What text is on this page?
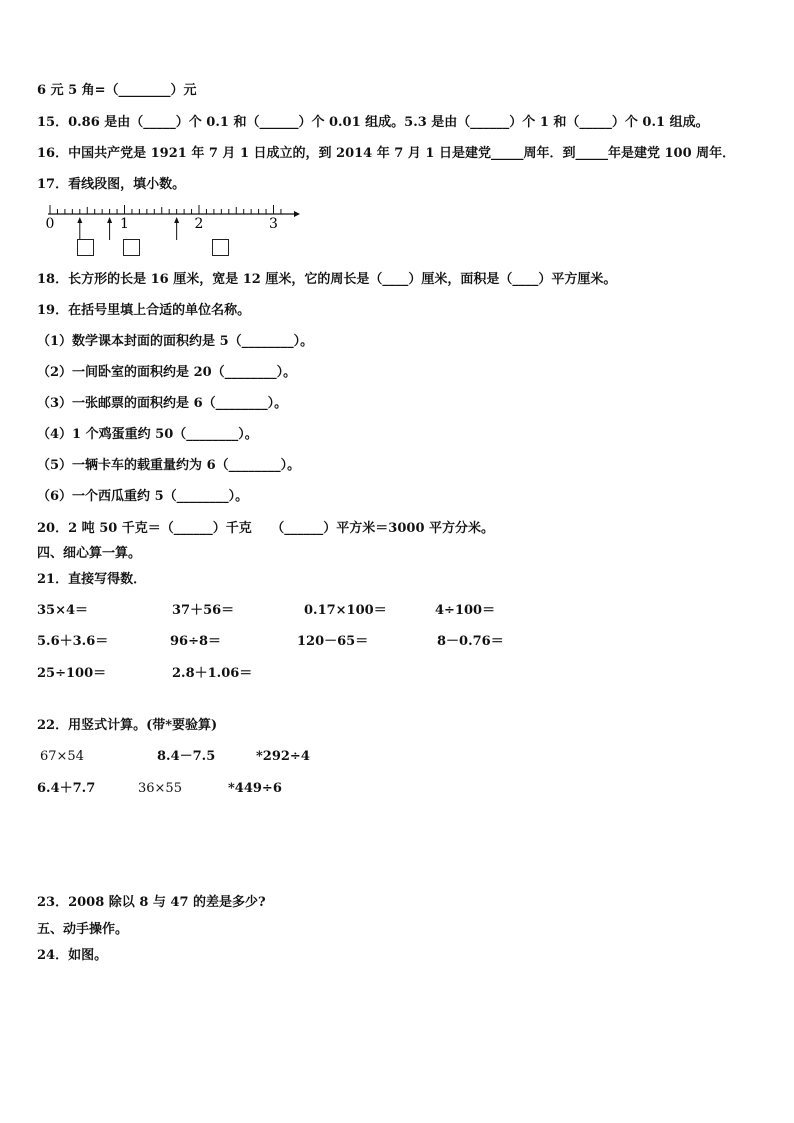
6 元 5 角=（________）元
15．0.86 是由（_____）个 0.1 和（______）个 0.01 组成。5.3 是由（______）个 1 和（_____）个 0.1 组成。
16．中国共产党是 1921 年 7 月 1 日成立的，到 2014 年 7 月 1 日是建党_____周年．到_____年是建党 100 周年．
17．看线段图，填小数。
0	1	2	3
18．长方形的长是 16 厘米，宽是 12 厘米，它的周长是（____）厘米，面积是（____）平方厘米。
19．在括号里填上合适的单位名称。
（1）数学课本封面的面积约是 5（________）。
（2）一间卧室的面积约是 20（________）。
（3）一张邮票的面积约是 6（________）。
（4）1 个鸡蛋重约 50（________）。
（5）一辆卡车的载重量约为 6（________）。
（6）一个西瓜重约 5（________）。
20．2 吨 50 千克＝（______）千克　　（______）平方米＝3000 平方分米。
四、细心算一算。
21．直接写得数．
35×4＝	37＋56＝	0.17×100＝	4÷100＝
5.6＋3.6＝	96÷8＝	120－65＝	8－0.76＝
25÷100＝	2.8＋1.06＝
22．用竖式计算。(带*要验算)
67×54	8.4－7.5	*292÷4
6.4＋7.7	36×55	*449÷6
23．2008 除以 8 与 47 的差是多少?
五、动手操作。
24．如图。
